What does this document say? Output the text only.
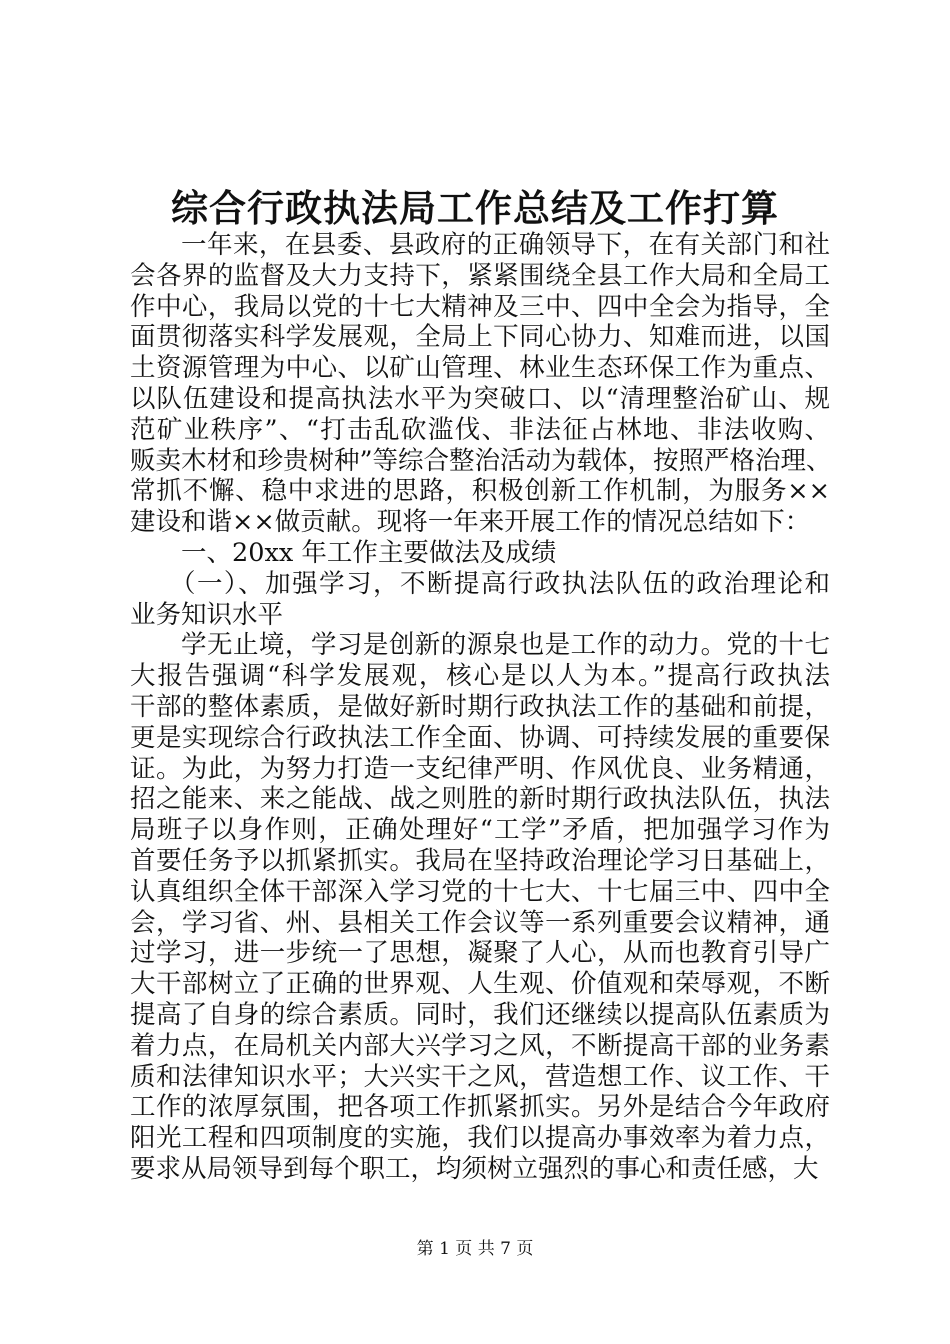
综合行政执法局工作总结及工作打算
一年来，在县委、县政府的正确领导下，在有关部门和社
会各界的监督及大力支持下，紧紧围绕全县工作大局和全局工
作中心，我局以党的十七大精神及三中、四中全会为指导，全
面贯彻落实科学发展观，全局上下同心协力、知难而进，以国
土资源管理为中心、以矿山管理、林业生态环保工作为重点、
以队伍建设和提高执法水平为突破口、以“清理整治矿山、规
范矿业秩序”、“打击乱砍滥伐、非法征占林地、非法收购、
贩卖木材和珍贵树种”等综合整治活动为载体，按照严格治理、
常抓不懈、稳中求进的思路，积极创新工作机制，为服务××
建设和谐××做贡献。现将一年来开展工作的情况总结如下：
一、20xx 年工作主要做法及成绩
（一）、加强学习，不断提高行政执法队伍的政治理论和
业务知识水平
学无止境，学习是创新的源泉也是工作的动力。党的十七
大报告强调“科学发展观，核心是以人为本。”提高行政执法
干部的整体素质，是做好新时期行政执法工作的基础和前提，
更是实现综合行政执法工作全面、协调、可持续发展的重要保
证。为此，为努力打造一支纪律严明、作风优良、业务精通，
招之能来、来之能战、战之则胜的新时期行政执法队伍，执法
局班子以身作则，正确处理好“工学”矛盾，把加强学习作为
首要任务予以抓紧抓实。我局在坚持政治理论学习日基础上，
认真组织全体干部深入学习党的十七大、十七届三中、四中全
会，学习省、州、县相关工作会议等一系列重要会议精神，通
过学习，进一步统一了思想，凝聚了人心，从而也教育引导广
大干部树立了正确的世界观、人生观、价值观和荣辱观，不断
提高了自身的综合素质。同时，我们还继续以提高队伍素质为
着力点，在局机关内部大兴学习之风，不断提高干部的业务素
质和法律知识水平；大兴实干之风，营造想工作、议工作、干
工作的浓厚氛围，把各项工作抓紧抓实。另外是结合今年政府
阳光工程和四项制度的实施，我们以提高办事效率为着力点，
要求从局领导到每个职工，均须树立强烈的事心和责任感，大
第 1 页 共 7 页
